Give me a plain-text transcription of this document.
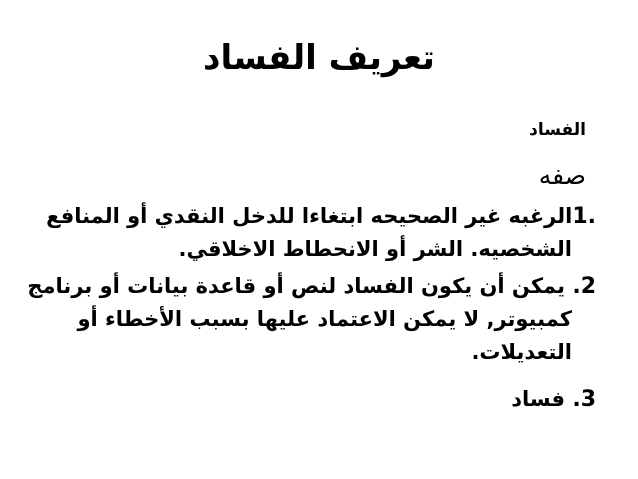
تعريف الفساد

الفساد

صفه

.1الرغبه غير الصحيحه ابتغاءا للدخل النقدي أو المنافع
الشخصيه. الشر أو الانحطاط الاخلاقي.
2. يمكن أن يكون الفساد لنص أو قاعدة بيانات أو برنامج
كمبيوتر, لا يمكن الاعتماد عليها بسبب الأخطاء أو
التعديلات.
3. فساد
